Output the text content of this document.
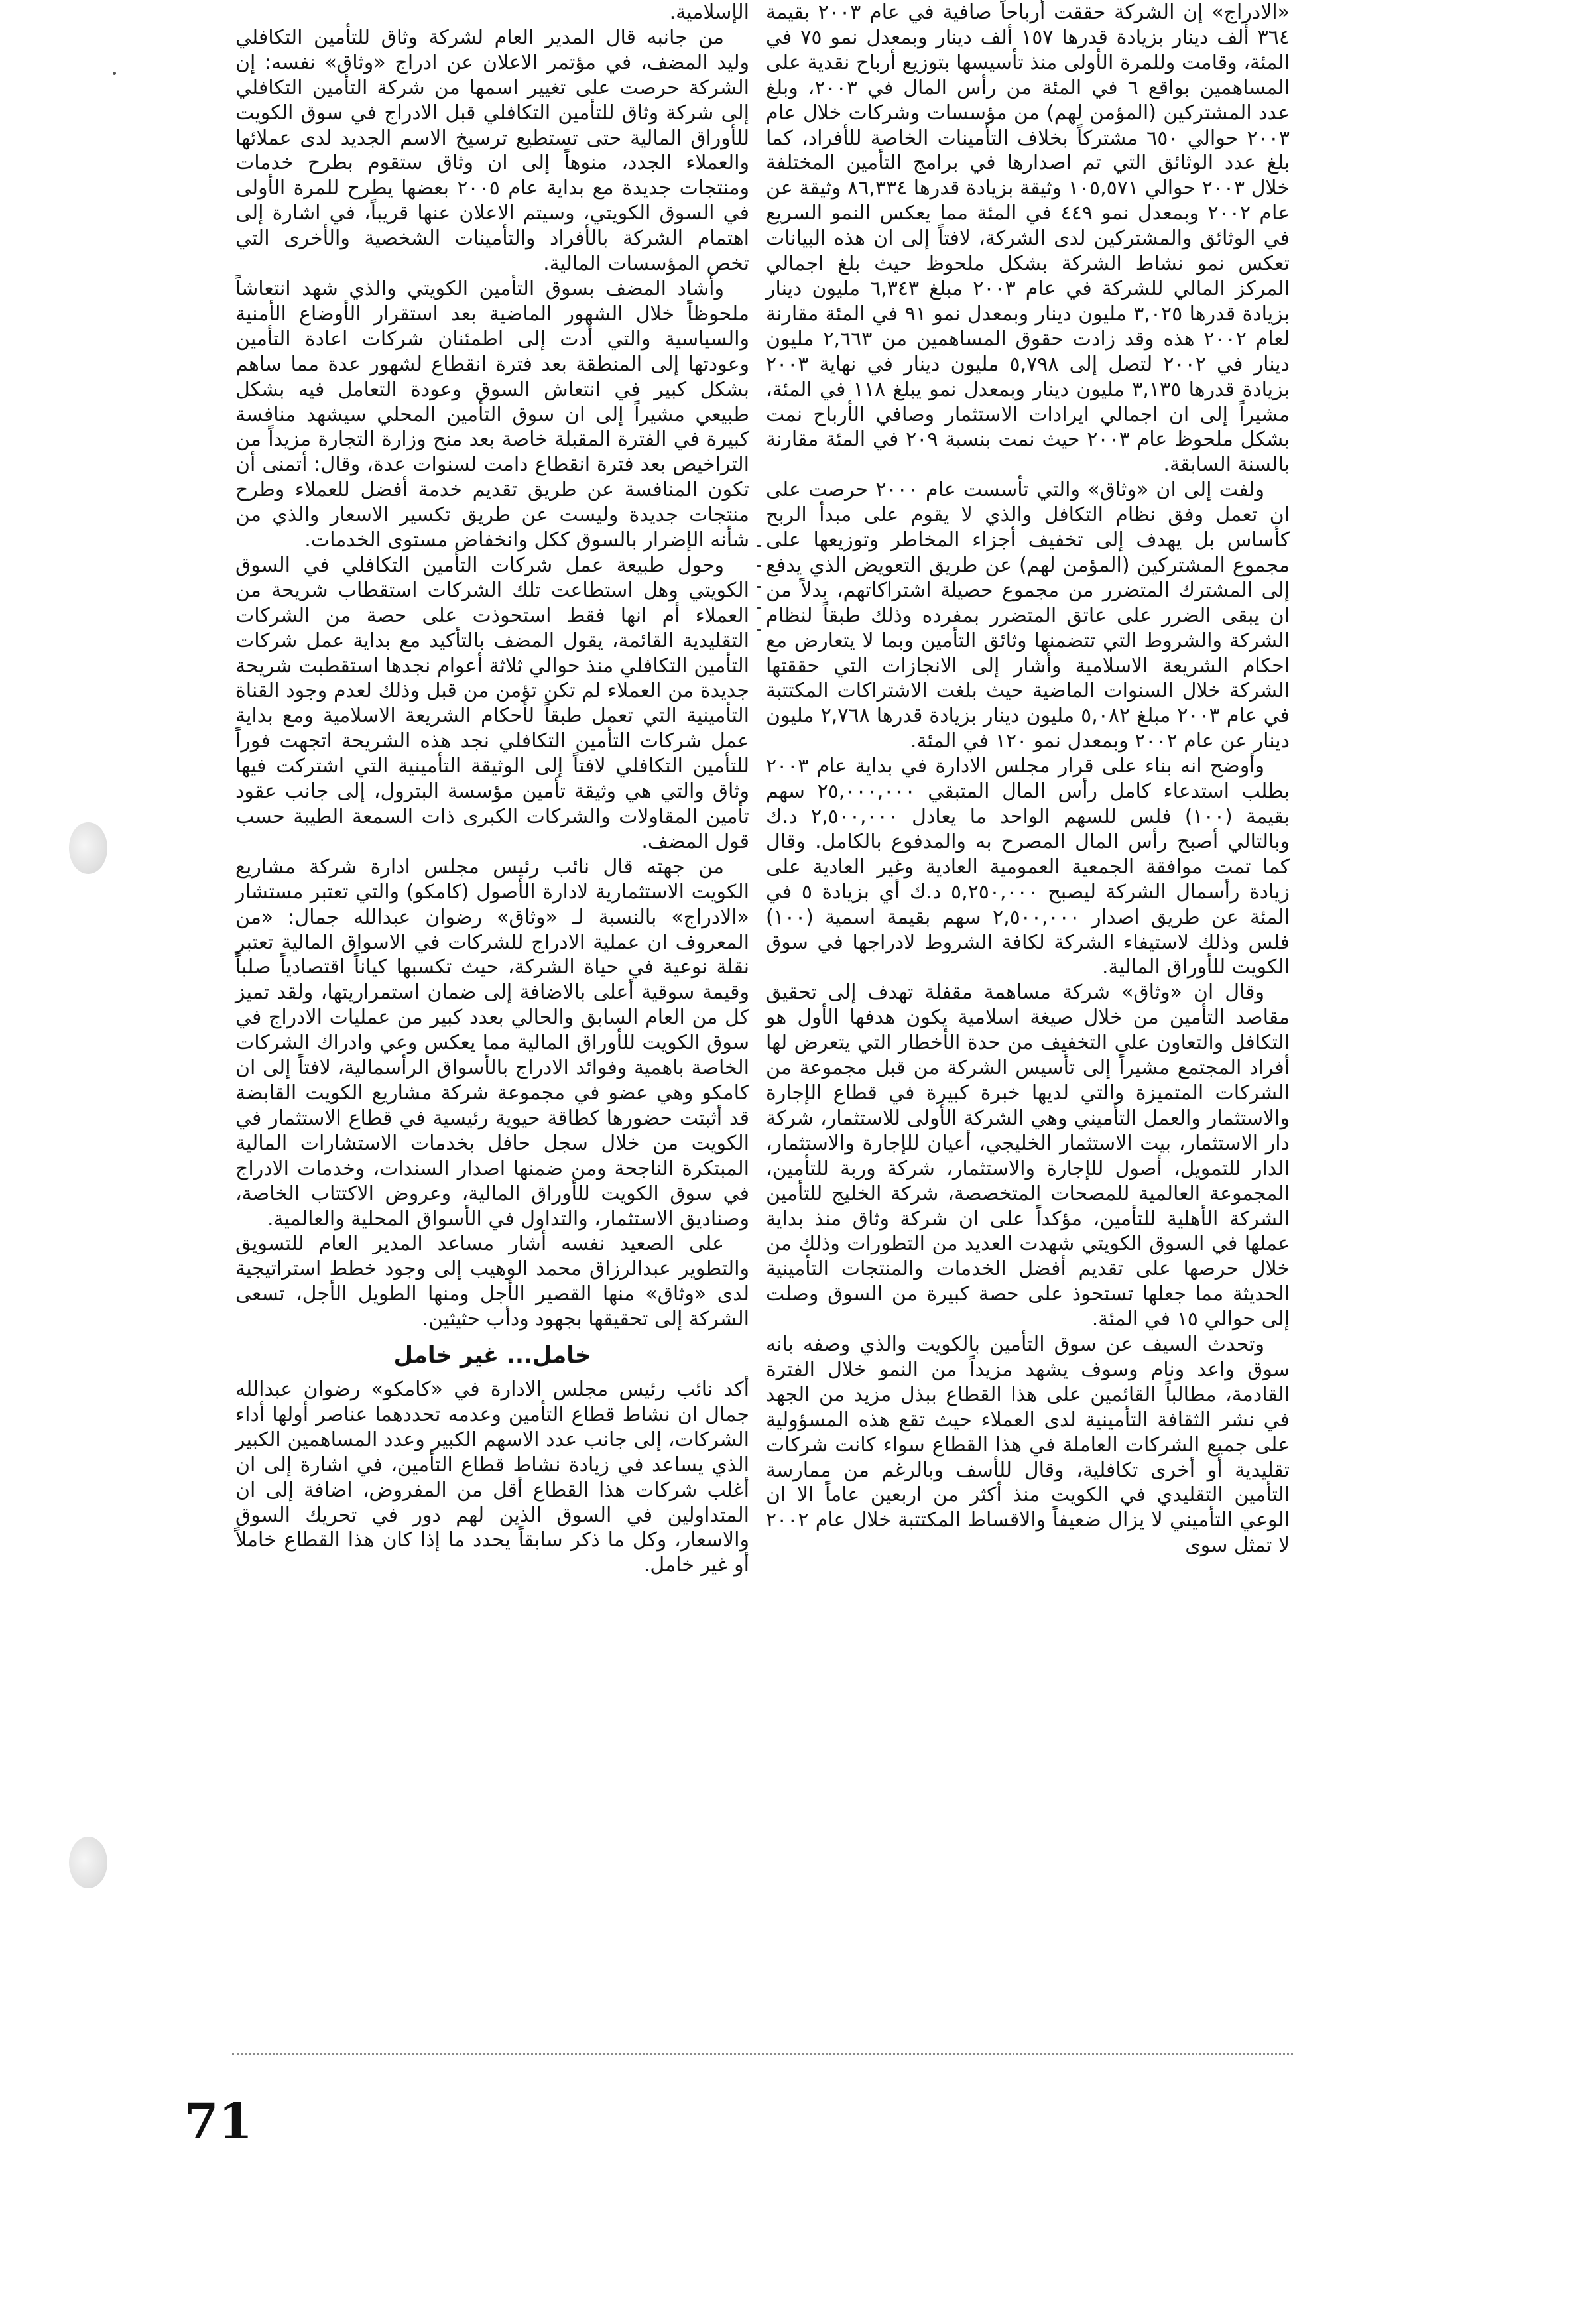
«الادراج» إن الشركة حققت أرباحاً صافية في عام ٢٠٠٣ بقيمة ٣٦٤ ألف دينار بزيادة قدرها ١٥٧ ألف دينار وبمعدل نمو ٧٥ في المئة، وقامت وللمرة الأولى منذ تأسيسها بتوزيع أرباح نقدية على المساهمين بواقع ٦ في المئة من رأس المال في ٢٠٠٣، وبلغ عدد المشتركين (المؤمن لهم) من مؤسسات وشركات خلال عام ٢٠٠٣ حوالي ٦٥٠ مشتركاً بخلاف التأمينات الخاصة للأفراد، كما بلغ عدد الوثائق التي تم اصدارها في برامج التأمين المختلفة خلال ٢٠٠٣ حوالي ١٠٥,٥٧١ وثيقة بزيادة قدرها ٨٦,٣٣٤ وثيقة عن عام ٢٠٠٢ وبمعدل نمو ٤٤٩ في المئة مما يعكس النمو السريع في الوثائق والمشتركين لدى الشركة، لافتاً إلى ان هذه البيانات تعكس نمو نشاط الشركة بشكل ملحوظ حيث بلغ اجمالي المركز المالي للشركة في عام ٢٠٠٣ مبلغ ٦,٣٤٣ مليون دينار بزيادة قدرها ٣,٠٢٥ مليون دينار وبمعدل نمو ٩١ في المئة مقارنة لعام ٢٠٠٢ هذه وقد زادت حقوق المساهمين من ٢,٦٦٣ مليون دينار في ٢٠٠٢ لتصل إلى ٥,٧٩٨ مليون دينار في نهاية ٢٠٠٣ بزيادة قدرها ٣,١٣٥ مليون دينار وبمعدل نمو يبلغ ١١٨ في المئة، مشيراً إلى ان اجمالي ايرادات الاستثمار وصافي الأرباح نمت بشكل ملحوظ عام ٢٠٠٣ حيث نمت بنسبة ٢٠٩ في المئة مقارنة بالسنة السابقة.

ولفت إلى ان «وثاق» والتي تأسست عام ٢٠٠٠ حرصت على ان تعمل وفق نظام التكافل والذي لا يقوم على مبدأ الربح كأساس بل يهدف إلى تخفيف أجزاء المخاطر وتوزيعها على مجموع المشتركين (المؤمن لهم) عن طريق التعويض الذي يدفع إلى المشترك المتضرر من مجموع حصيلة اشتراكاتهم، بدلاً من ان يبقى الضرر على عاتق المتضرر بمفرده وذلك طبقاً لنظام الشركة والشروط التي تتضمنها وثائق التأمين وبما لا يتعارض مع احكام الشريعة الاسلامية وأشار إلى الانجازات التي حققتها الشركة خلال السنوات الماضية حيث بلغت الاشتراكات المكتتبة في عام ٢٠٠٣ مبلغ ٥,٠٨٢ مليون دينار بزيادة قدرها ٢,٧٦٨ مليون دينار عن عام ٢٠٠٢ وبمعدل نمو ١٢٠ في المئة.

وأوضح انه بناء على قرار مجلس الادارة في بداية عام ٢٠٠٣ بطلب استدعاء كامل رأس المال المتبقي ٢٥,٠٠٠,٠٠٠ سهم بقيمة (١٠٠) فلس للسهم الواحد ما يعادل ٢,٥٠٠,٠٠٠ د.ك وبالتالي أصبح رأس المال المصرح به والمدفوع بالكامل. وقال كما تمت موافقة الجمعية العمومية العادية وغير العادية على زيادة رأسمال الشركة ليصبح ٥,٢٥٠,٠٠٠ د.ك أي بزيادة ٥ في المئة عن طريق اصدار ٢,٥٠٠,٠٠٠ سهم بقيمة اسمية (١٠٠) فلس وذلك لاستيفاء الشركة لكافة الشروط لادراجها في سوق الكويت للأوراق المالية.

وقال ان «وثاق» شركة مساهمة مقفلة تهدف إلى تحقيق مقاصد التأمين من خلال صيغة اسلامية يكون هدفها الأول هو التكافل والتعاون على التخفيف من حدة الأخطار التي يتعرض لها أفراد المجتمع مشيراً إلى تأسيس الشركة من قبل مجموعة من الشركات المتميزة والتي لديها خبرة كبيرة في قطاع الإجارة والاستثمار والعمل التأميني وهي الشركة الأولى للاستثمار، شركة دار الاستثمار، بيت الاستثمار الخليجي، أعيان للإجارة والاستثمار، الدار للتمويل، أصول للإجارة والاستثمار، شركة وربة للتأمين، المجموعة العالمية للمصحات المتخصصة، شركة الخليج للتأمين الشركة الأهلية للتأمين، مؤكداً على ان شركة وثاق منذ بداية عملها في السوق الكويتي شهدت العديد من التطورات وذلك من خلال حرصها على تقديم أفضل الخدمات والمنتجات التأمينية الحديثة مما جعلها تستحوذ على حصة كبيرة من السوق وصلت إلى حوالي ١٥ في المئة.

وتحدث السيف عن سوق التأمين بالكويت والذي وصفه بانه سوق واعد ونام وسوف يشهد مزيداً من النمو خلال الفترة القادمة، مطالباً القائمين على هذا القطاع ببذل مزيد من الجهد في نشر الثقافة التأمينية لدى العملاء حيث تقع هذه المسؤولية على جميع الشركات العاملة في هذا القطاع سواء كانت شركات تقليدية أو أخرى تكافلية، وقال للأسف وبالرغم من ممارسة التأمين التقليدي في الكويت منذ أكثر من اربعين عاماً الا ان الوعي التأميني لا يزال ضعيفاً والاقساط المكتتبة خلال عام ٢٠٠٢ لا تمثل سوى

الإسلامية.

من جانبه قال المدير العام لشركة وثاق للتأمين التكافلي وليد المضف، في مؤتمر الاعلان عن ادراج «وثاق» نفسه: إن الشركة حرصت على تغيير اسمها من شركة التأمين التكافلي إلى شركة وثاق للتأمين التكافلي قبل الادراج في سوق الكويت للأوراق المالية حتى تستطيع ترسيخ الاسم الجديد لدى عملائها والعملاء الجدد، منوهاً إلى ان وثاق ستقوم بطرح خدمات ومنتجات جديدة مع بداية عام ٢٠٠٥ بعضها يطرح للمرة الأولى في السوق الكويتي، وسيتم الاعلان عنها قريباً، في اشارة إلى اهتمام الشركة بالأفراد والتأمينات الشخصية والأخرى التي تخص المؤسسات المالية.

وأشاد المضف بسوق التأمين الكويتي والذي شهد انتعاشاً ملحوظاً خلال الشهور الماضية بعد استقرار الأوضاع الأمنية والسياسية والتي أدت إلى اطمئنان شركات اعادة التأمين وعودتها إلى المنطقة بعد فترة انقطاع لشهور عدة مما ساهم بشكل كبير في انتعاش السوق وعودة التعامل فيه بشكل طبيعي مشيراً إلى ان سوق التأمين المحلي سيشهد منافسة كبيرة في الفترة المقبلة خاصة بعد منح وزارة التجارة مزيداً من التراخيص بعد فترة انقطاع دامت لسنوات عدة، وقال: أتمنى أن تكون المنافسة عن طريق تقديم خدمة أفضل للعملاء وطرح منتجات جديدة وليست عن طريق تكسير الاسعار والذي من شأنه الإضرار بالسوق ككل وانخفاض مستوى الخدمات.

وحول طبيعة عمل شركات التأمين التكافلي في السوق الكويتي وهل استطاعت تلك الشركات استقطاب شريحة من العملاء أم انها فقط استحوذت على حصة من الشركات التقليدية القائمة، يقول المضف بالتأكيد مع بداية عمل شركات التأمين التكافلي منذ حوالي ثلاثة أعوام نجدها استقطبت شريحة جديدة من العملاء لم تكن تؤمن من قبل وذلك لعدم وجود القناة التأمينية التي تعمل طبقاً لأحكام الشريعة الاسلامية ومع بداية عمل شركات التأمين التكافلي نجد هذه الشريحة اتجهت فوراً للتأمين التكافلي لافتاً إلى الوثيقة التأمينية التي اشتركت فيها وثاق والتي هي وثيقة تأمين مؤسسة البترول، إلى جانب عقود تأمين المقاولات والشركات الكبرى ذات السمعة الطيبة حسب قول المضف.

من جهته قال نائب رئيس مجلس ادارة شركة مشاريع الكويت الاستثمارية لادارة الأصول (كامكو) والتي تعتبر مستشار «الادراج» بالنسبة لـ «وثاق» رضوان عبدالله جمال: «من المعروف ان عملية الادراج للشركات في الاسواق المالية تعتبر نقلة نوعية في حياة الشركة، حيث تكسبها كياناً اقتصادياً صلباً وقيمة سوقية أعلى بالاضافة إلى ضمان استمراريتها، ولقد تميز كل من العام السابق والحالي بعدد كبير من عمليات الادراج في سوق الكويت للأوراق المالية مما يعكس وعي وادراك الشركات الخاصة باهمية وفوائد الادراج بالأسواق الرأسمالية، لافتاً إلى ان كامكو وهي عضو في مجموعة شركة مشاريع الكويت القابضة قد أثبتت حضورها كطاقة حيوية رئيسية في قطاع الاستثمار في الكويت من خلال سجل حافل بخدمات الاستشارات المالية المبتكرة الناجحة ومن ضمنها اصدار السندات، وخدمات الادراج في سوق الكويت للأوراق المالية، وعروض الاكتتاب الخاصة، وصناديق الاستثمار، والتداول في الأسواق المحلية والعالمية.

على الصعيد نفسه أشار مساعد المدير العام للتسويق والتطوير عبدالرزاق محمد الوهيب إلى وجود خطط استراتيجية لدى «وثاق» منها القصير الأجل ومنها الطويل الأجل، تسعى الشركة إلى تحقيقها بجهود ودأب حثيثين.

خامل... غير خامل

أكد نائب رئيس مجلس الادارة في «كامكو» رضوان عبدالله جمال ان نشاط قطاع التأمين وعدمه تحددهما عناصر أولها أداء الشركات، إلى جانب عدد الاسهم الكبير وعدد المساهمين الكبير الذي يساعد في زيادة نشاط قطاع التأمين، في اشارة إلى ان أغلب شركات هذا القطاع أقل من المفروض، اضافة إلى ان المتداولين في السوق الذين لهم دور في تحريك السوق والاسعار، وكل ما ذكر سابقاً يحدد ما إذا كان هذا القطاع خاملاً أو غير خامل.

71
